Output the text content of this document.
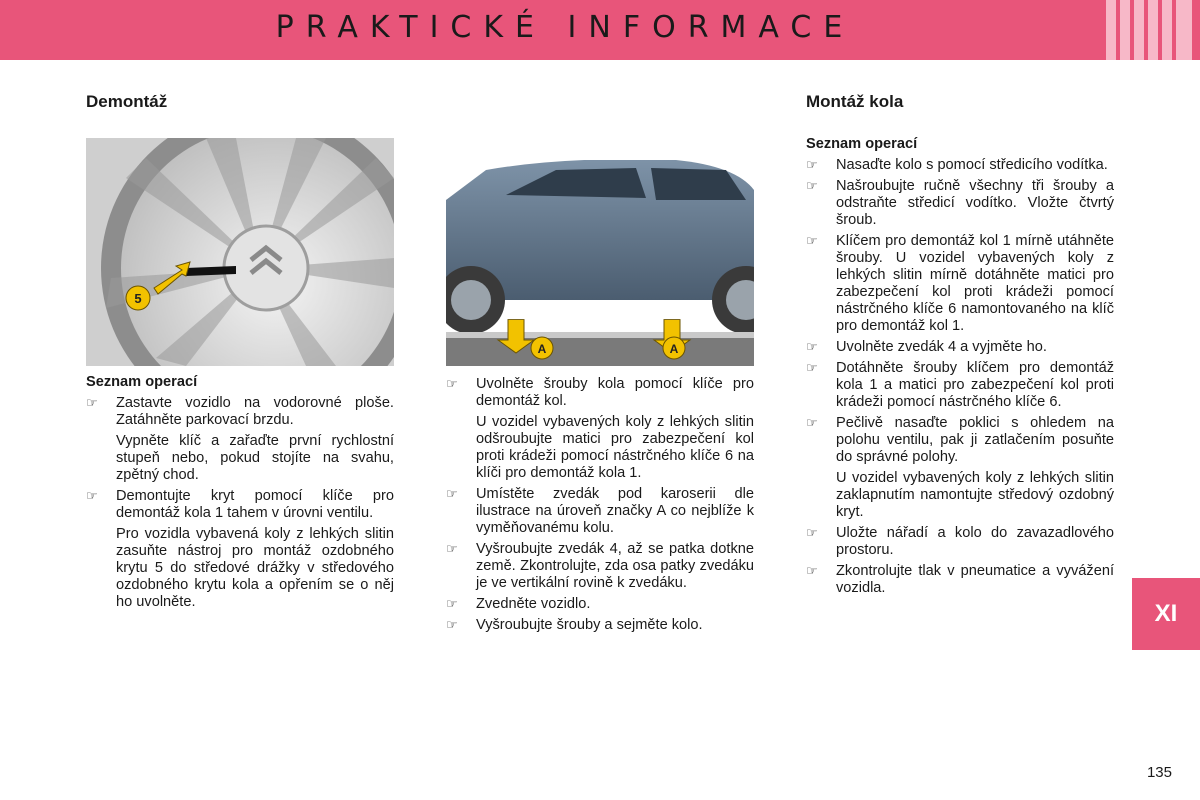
PRAKTICKÉ INFORMACE
Demontáž
5
Seznam operací
☞ Zastavte vozidlo na vodorovné ploše. Zatáhněte parkovací brzdu.

Vypněte klíč a zařaďte první rychlostní stupeň nebo, pokud stojíte na svahu, zpětný chod.

☞ Demontujte kryt pomocí klíče pro demontáž kola 1 tahem v úrovni ventilu.

Pro vozidla vybavená koly z lehkých slitin zasuňte nástroj pro montáž ozdobného krytu 5 do středové drážky v středového ozdobného krytu kola a opřením se o něj ho uvolněte.

A	A
☞ Uvolněte šrouby kola pomocí klíče pro demontáž kol.

U vozidel vybavených koly z lehkých slitin odšroubujte matici pro zabezpečení kol proti krádeži pomocí nástrčného klíče 6 na klíči pro demontáž kola 1.

☞ Umístěte zvedák pod karoserii dle ilustrace na úroveň značky A co nejblíže k vyměňovanému kolu.
☞ Vyšroubujte zvedák 4, až se patka dotkne země. Zkontrolujte, zda osa patky zvedáku je ve vertikální rovině k zvedáku.
☞ Zvedněte vozidlo.
☞ Vyšroubujte šrouby a sejměte kolo.
Montáž kola
Seznam operací
☞ Nasaďte kolo s pomocí středicího vodítka.
☞ Našroubujte ručně všechny tři šrouby a odstraňte středicí vodítko. Vložte čtvrtý šroub.
☞ Klíčem pro demontáž kol 1 mírně utáhněte šrouby. U vozidel vybavených koly z lehkých slitin mírně dotáhněte matici pro zabezpečení kol proti krádeži pomocí nástrčného klíče 6 namontovaného na klíč pro demontáž kol 1.
☞ Uvolněte zvedák 4 a vyjměte ho.
☞ Dotáhněte šrouby klíčem pro demontáž kola 1 a matici pro zabezpečení kol proti krádeži pomocí nástrčného klíče 6.
☞ Pečlivě nasaďte poklici s ohledem na polohu ventilu, pak ji zatlačením posuňte do správné polohy.

U vozidel vybavených koly z lehkých slitin zaklapnutím namontujte středový ozdobný kryt.

☞ Uložte nářadí a kolo do zavazadlového prostoru.
☞ Zkontrolujte tlak v pneumatice a vyvážení vozidla.
XI
135
